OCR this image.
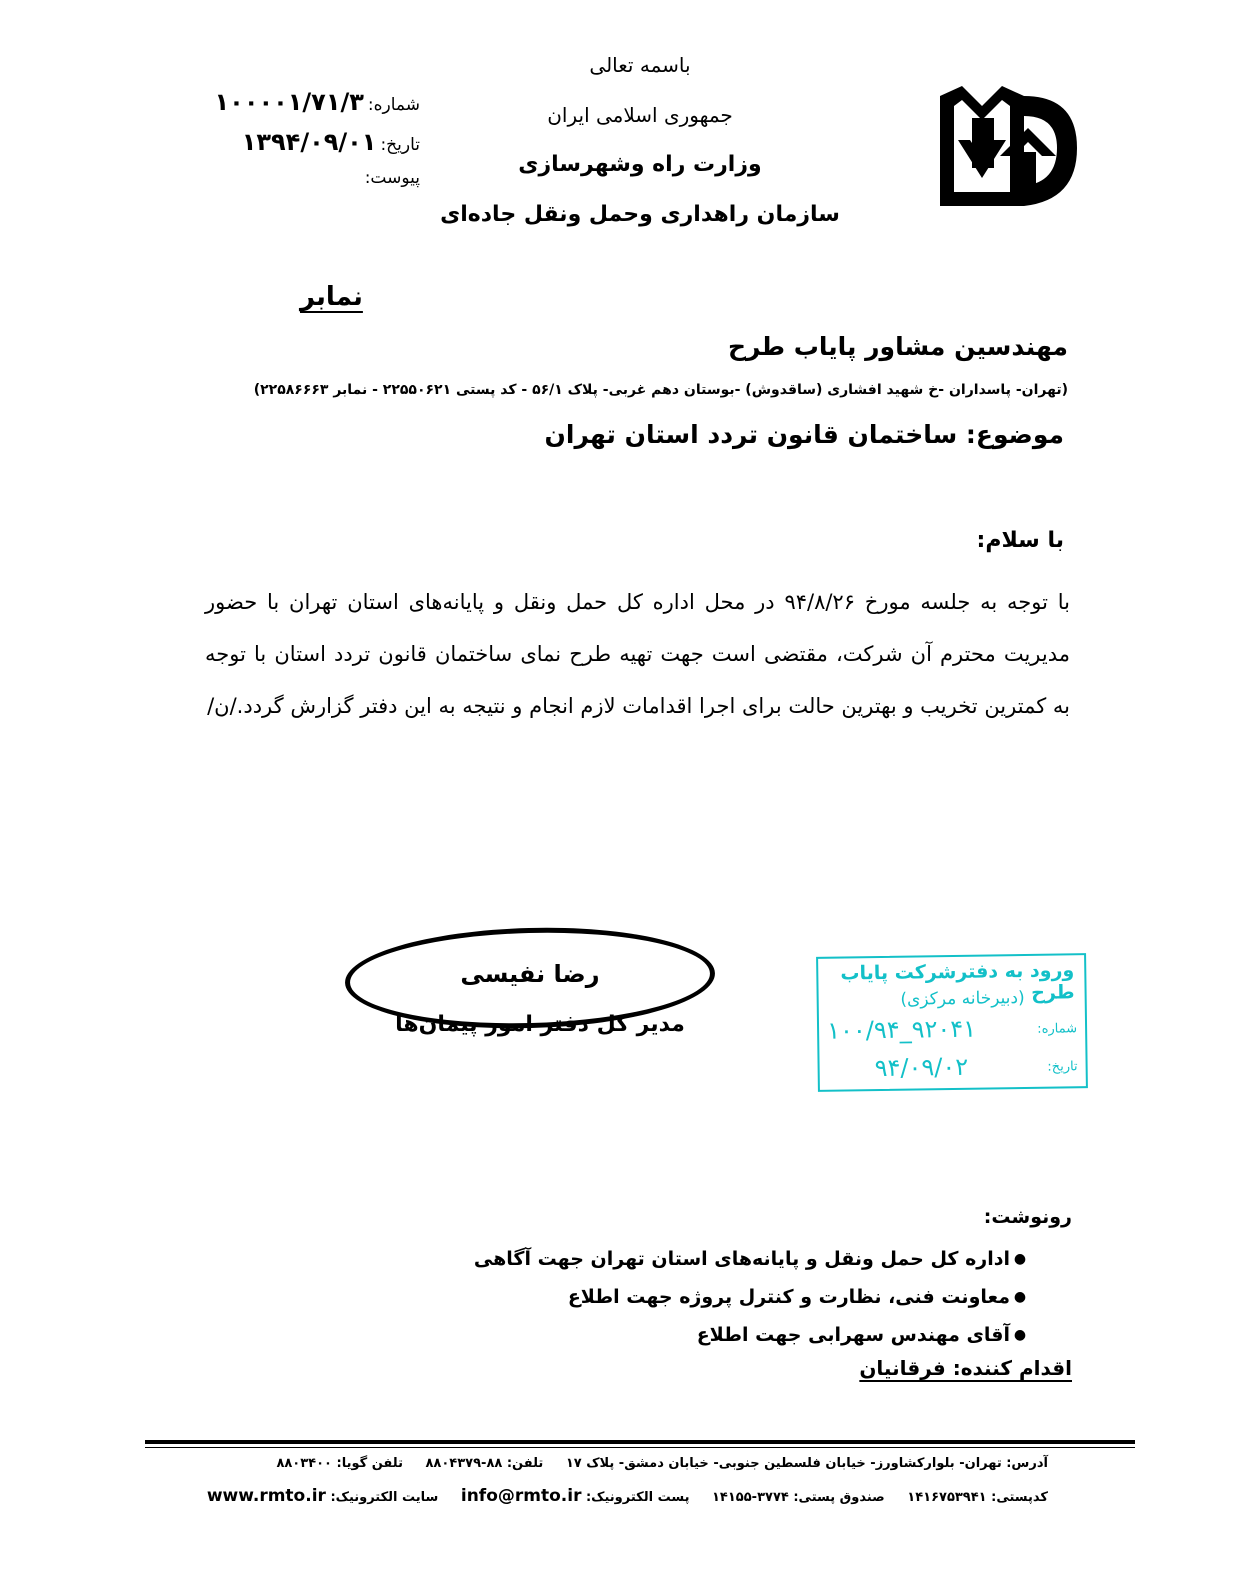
باسمه تعالی
جمهوری اسلامی ایران
وزارت راه وشهرسازی
سازمان راهداری وحمل ونقل جاده‌ای
شماره:
۱۰۰۰۰۱/۷۱/۳
تاریخ:
۱۳۹۴/۰۹/۰۱
پیوست:
نمابر
مهندسین مشاور پایاب طرح
(تهران- پاسداران -خ شهید افشاری (ساقدوش) -بوستان دهم غربی- پلاک ۵۶/۱ - کد پستی ۲۲۵۵۰۶۲۱ - نمابر ۲۲۵۸۶۶۶۳)
موضوع: ساختمان قانون تردد استان تهران
با سلام:
با توجه به جلسه مورخ ۹۴/۸/۲۶ در محل اداره کل حمل ونقل و پایانه‌های استان تهران با حضور مدیریت محترم آن شرکت، مقتضی است جهت تهیه طرح نمای ساختمان قانون تردد استان با توجه به کمترین تخریب و بهترین حالت برای اجرا اقدامات لازم انجام و نتیجه به این دفتر گزارش گردد./ن/
رضا نفیسی
مدیر کل دفتر امور پیمان‌ها
ورود به دفترشرکت پایاب طرح
(دبیرخانه مرکزی)
شماره:
۱۰۰/۹۴_۹۲۰۴۱
تاریخ:
۹۴/۰۹/۰۲
رونوشت:
●
اداره کل حمل ونقل و پایانه‌های استان تهران جهت آگاهی
●
معاونت فنی، نظارت و کنترل پروژه جهت اطلاع
●
آقای مهندس سهرابی جهت اطلاع
اقدام کننده: فرقانیان
آدرس: تهران- بلوارکشاورز- خیابان فلسطین جنوبی- خیابان دمشق- پلاک ۱۷ تلفن: ۸۸-۸۸۰۴۳۷۹ تلفن گویا: ۸۸۰۳۴۰۰
کدپستی: ۱۴۱۶۷۵۳۹۴۱ صندوق پستی: ۳۷۷۴-۱۴۱۵۵ پست الکترونیک: info@rmto.ir سایت الکترونیک: www.rmto.ir
